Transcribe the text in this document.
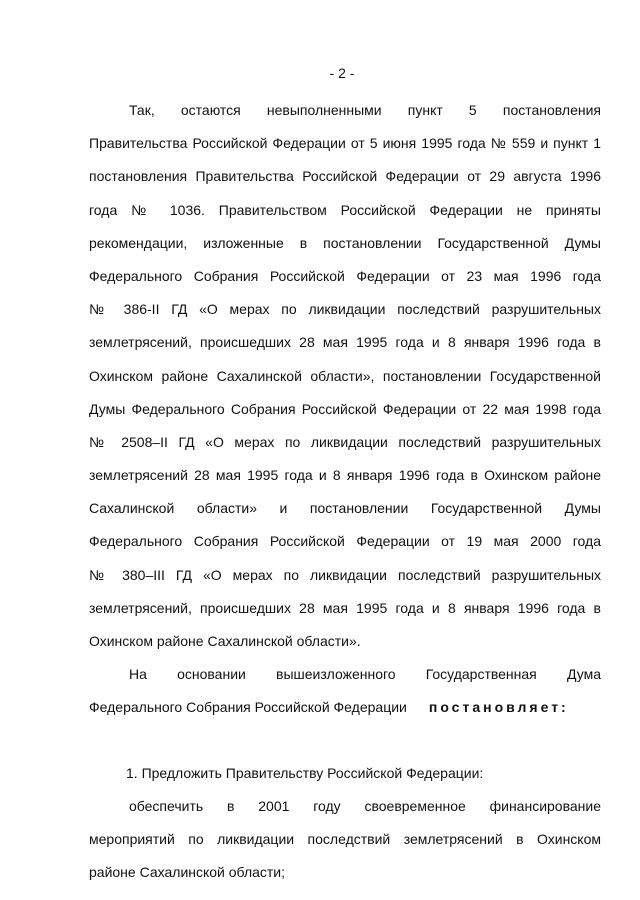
- 2 -
Так, остаются невыполненными пункт 5 постановления
Правительства Российской Федерации от 5 июня 1995 года № 559 и пункт 1
постановления Правительства Российской Федерации от 29 августа 1996
года № 1036. Правительством Российской Федерации не приняты
рекомендации, изложенные в постановлении Государственной Думы
Федерального Собрания Российской Федерации от 23 мая 1996 года
№ 386-II ГД «О мерах по ликвидации последствий разрушительных
землетрясений, происшедших 28 мая 1995 года и 8 января 1996 года в
Охинском районе Сахалинской области», постановлении Государственной
Думы Федерального Собрания Российской Федерации от 22 мая 1998 года
№ 2508–II ГД «О мерах по ликвидации последствий разрушительных
землетрясений 28 мая 1995 года и 8 января 1996 года в Охинском районе
Сахалинской области» и постановлении Государственной Думы
Федерального Собрания Российской Федерации от 19 мая 2000 года
№ 380–III ГД «О мерах по ликвидации последствий разрушительных
землетрясений, происшедших 28 мая 1995 года и 8 января 1996 года в
Охинском районе Сахалинской области».
На основании вышеизложенного Государственная Дума
Федерального Собрания Российской Федерации постановляет:
1. Предложить Правительству Российской Федерации:
обеспечить в 2001 году своевременное финансирование
мероприятий по ликвидации последствий землетрясений в Охинском
районе Сахалинской области;
